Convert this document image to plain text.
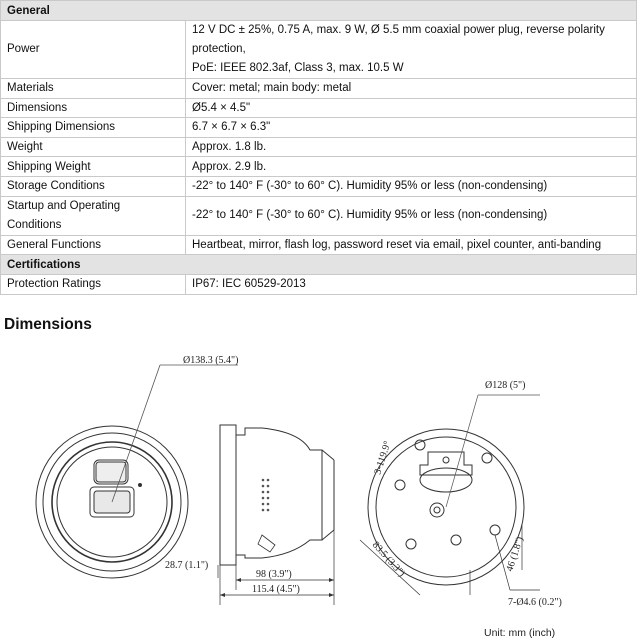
General	
Power	12 V DC ± 25%, 0.75 A, max. 9 W, Ø 5.5 mm coaxial power plug, reverse polarity
protection,
PoE: IEEE 802.3af, Class 3, max. 10.5 W

Materials	Cover: metal; main body: metal

Dimensions	Ø5.4 × 4.5"

Shipping Dimensions	6.7 × 6.7 × 6.3"

Weight	Approx. 1.8 lb.

Shipping Weight	Approx. 2.9 lb.

Storage Conditions	-22° to 140° F (-30° to 60° C). Humidity 95% or less (non-condensing)

Startup and Operating
Conditions	-22° to 140° F (-30° to 60° C). Humidity 95% or less (non-condensing)

General Functions	Heartbeat, mirror, flash log, password reset via email, pixel counter, anti-banding

Certifications	
Protection Ratings	IP67: IEC 60529-2013
Dimensions
Ø138.3 (5.4")
28.7 (1.1")
98 (3.9")
115.4 (4.5")
Ø128 (5")
3-119.9°
83.5 (3.3")	46 (1.8")
7-Ø4.6 (0.2")
Unit: mm (inch)
